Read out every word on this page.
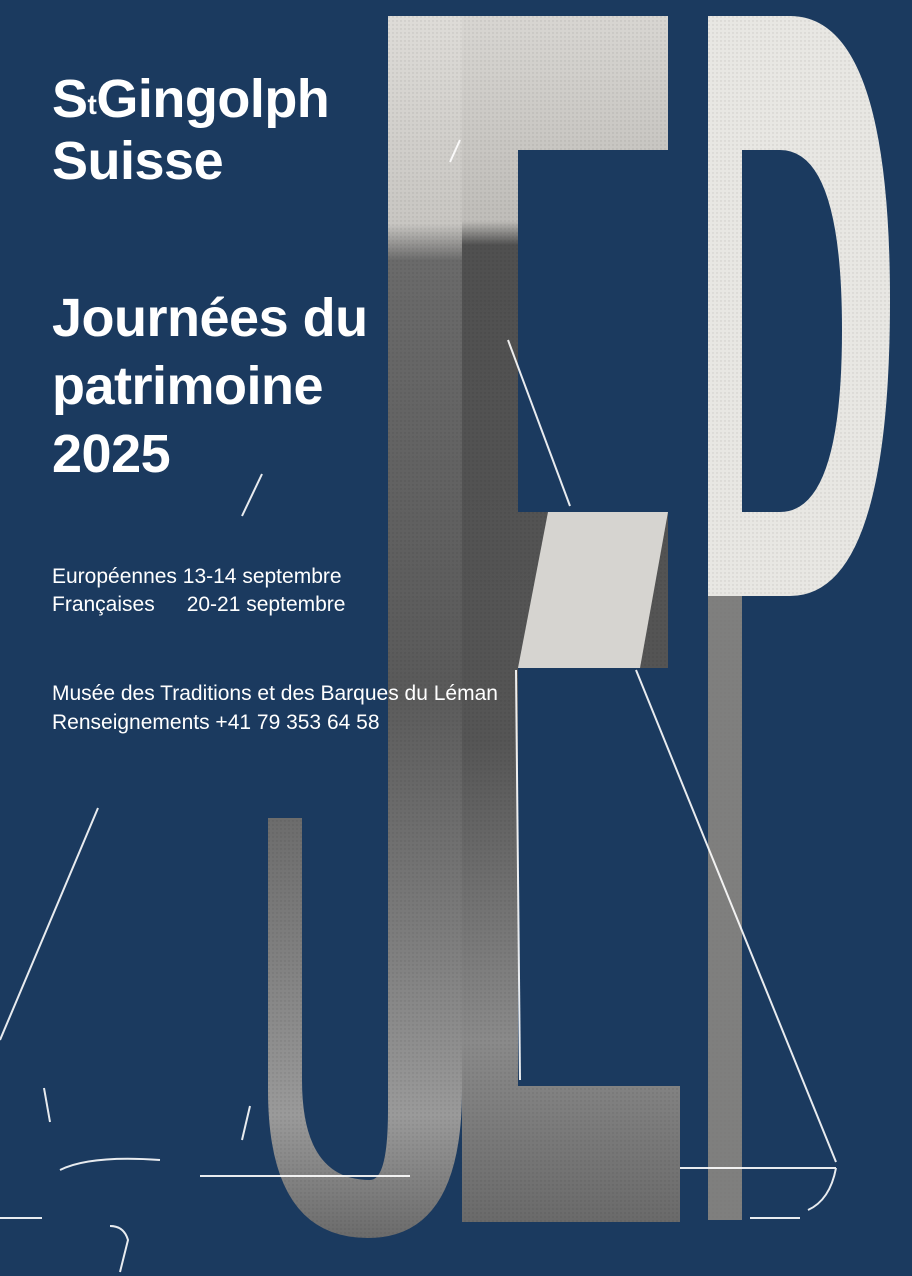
$S^tGingolph$
Suisse
Journées du
patrimoine
2025
Européennes 13-14 septembre
Françaises 20-21 septembre
Musée des Traditions et des Barques du Léman
Renseignements +41 79 353 64 58
